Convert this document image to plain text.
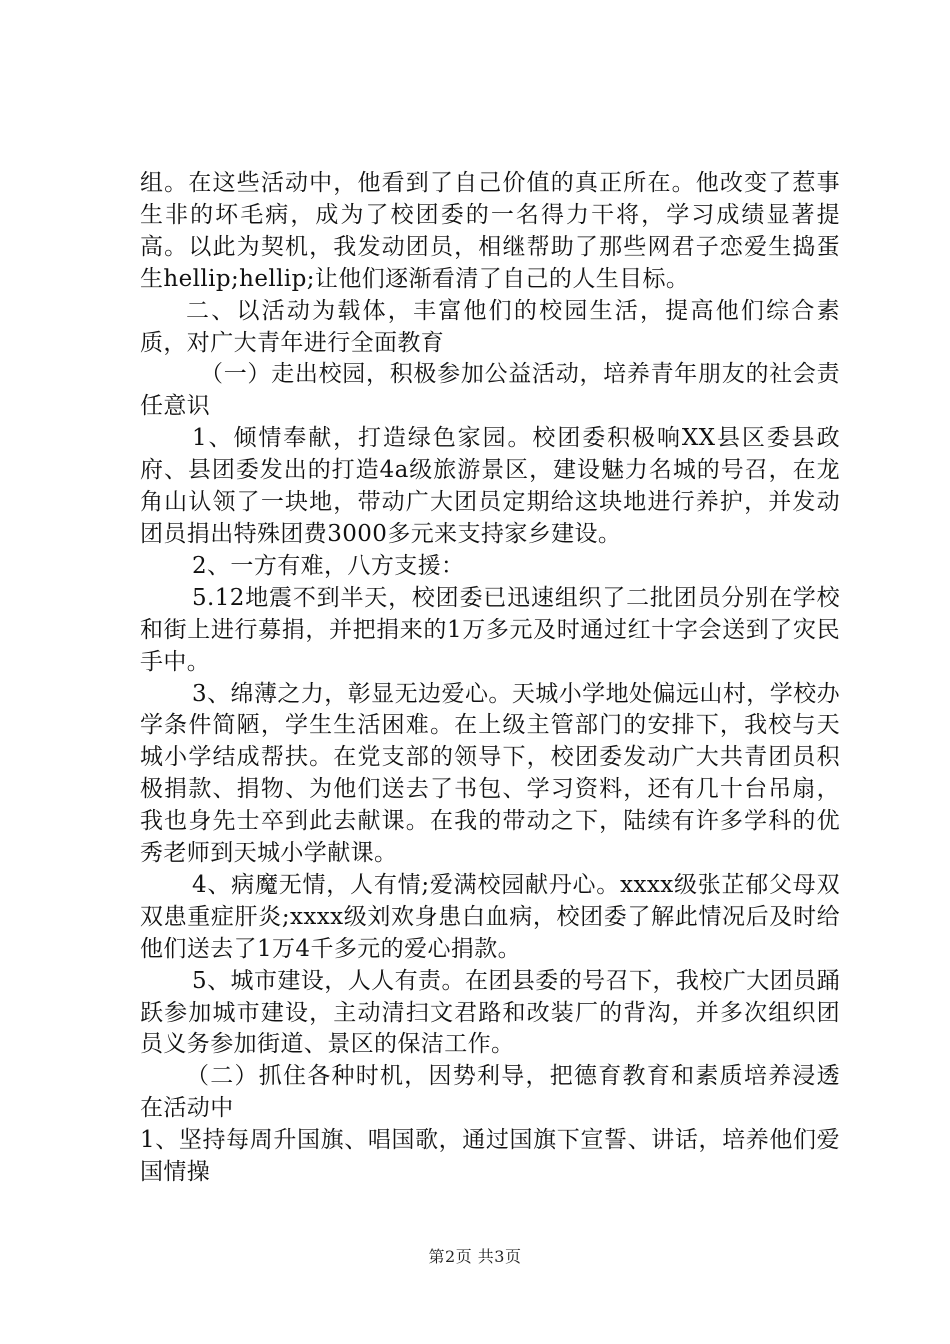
组。在这些活动中，他看到了自己价值的真正所在。他改变了惹事生非的坏毛病，成为了校团委的一名得力干将，学习成绩显著提高。以此为契机，我发动团员，相继帮助了那些网君子恋爱生捣蛋生hellip;hellip;让他们逐渐看清了自己的人生目标。

二、以活动为载体，丰富他们的校园生活，提高他们综合素质，对广大青年进行全面教育

（一）走出校园，积极参加公益活动，培养青年朋友的社会责任意识

1、倾情奉献，打造绿色家园。校团委积极响XX县区委县政府、县团委发出的打造4a级旅游景区，建设魅力名城的号召，在龙角山认领了一块地，带动广大团员定期给这块地进行养护，并发动团员捐出特殊团费3000多元来支持家乡建设。

2、一方有难，八方支援：

5.12地震不到半天，校团委已迅速组织了二批团员分别在学校和街上进行募捐，并把捐来的1万多元及时通过红十字会送到了灾民手中。

3、绵薄之力，彰显无边爱心。天城小学地处偏远山村，学校办学条件简陋，学生生活困难。在上级主管部门的安排下，我校与天城小学结成帮扶。在党支部的领导下，校团委发动广大共青团员积极捐款、捐物、为他们送去了书包、学习资料，还有几十台吊扇，我也身先士卒到此去献课。在我的带动之下，陆续有许多学科的优秀老师到天城小学献课。

4、病魔无情，人有情;爱满校园献丹心。xxxx级张芷郁父母双双患重症肝炎;xxxx级刘欢身患白血病，校团委了解此情况后及时给他们送去了1万4千多元的爱心捐款。

5、城市建设，人人有责。在团县委的号召下，我校广大团员踊跃参加城市建设，主动清扫文君路和改装厂的背沟，并多次组织团员义务参加街道、景区的保洁工作。

（二）抓住各种时机，因势利导，把德育教育和素质培养浸透在活动中

1、坚持每周升国旗、唱国歌，通过国旗下宣誓、讲话，培养他们爱国情操

第2页 共3页
